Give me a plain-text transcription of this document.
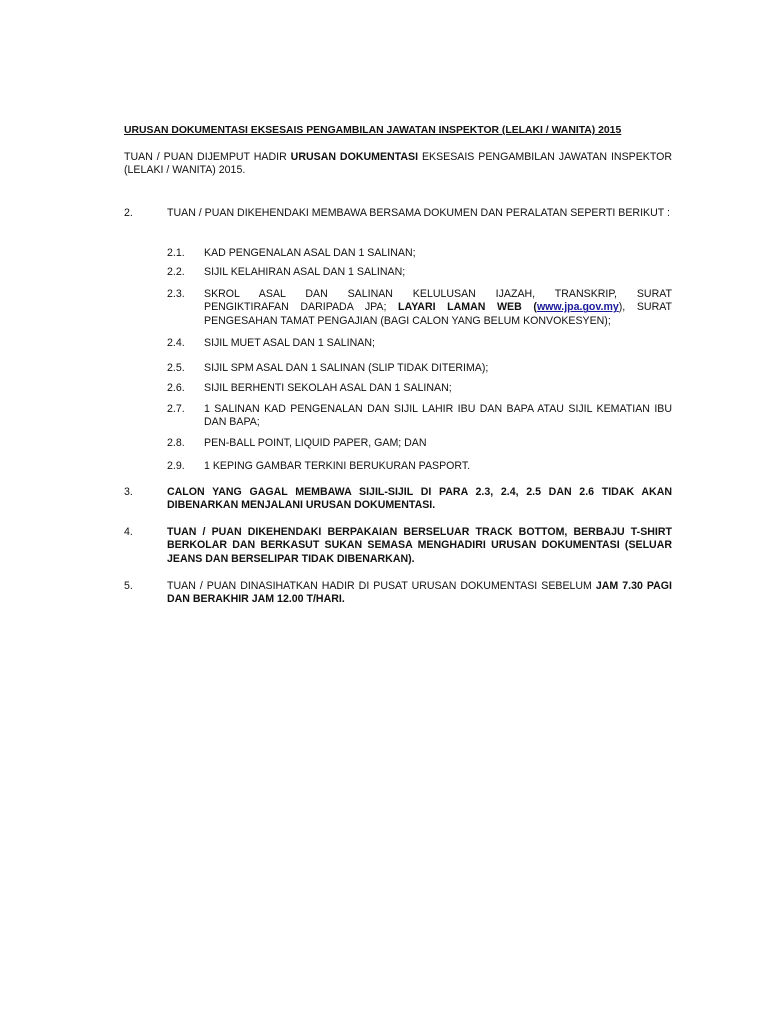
URUSAN DOKUMENTASI EKSESAIS PENGAMBILAN JAWATAN INSPEKTOR (LELAKI / WANITA) 2015
TUAN / PUAN DIJEMPUT HADIR URUSAN DOKUMENTASI EKSESAIS PENGAMBILAN JAWATAN INSPEKTOR (LELAKI / WANITA) 2015.
2.	TUAN / PUAN DIKEHENDAKI MEMBAWA BERSAMA DOKUMEN DAN PERALATAN SEPERTI BERIKUT :
2.1. KAD PENGENALAN ASAL DAN 1 SALINAN;
2.2. SIJIL KELAHIRAN ASAL DAN 1 SALINAN;
2.3. SKROL ASAL DAN SALINAN KELULUSAN IJAZAH, TRANSKRIP, SURAT
PENGIKTIRAFAN DARIPADA JPA; LAYARI LAMAN WEB (www.jpa.gov.my), SURAT
PENGESAHAN TAMAT PENGAJIAN (BAGI CALON YANG BELUM KONVOKESYEN);
2.4. SIJIL MUET ASAL DAN 1 SALINAN;
2.5. SIJIL SPM ASAL DAN 1 SALINAN (SLIP TIDAK DITERIMA);
2.6. SIJIL BERHENTI SEKOLAH ASAL DAN 1 SALINAN;
2.7. 1 SALINAN KAD PENGENALAN DAN SIJIL LAHIR IBU DAN BAPA ATAU SIJIL KEMATIAN IBU DAN BAPA;
2.8. PEN-BALL POINT, LIQUID PAPER, GAM; DAN
2.9. 1 KEPING GAMBAR TERKINI BERUKURAN PASPORT.
3.	CALON YANG GAGAL MEMBAWA SIJIL-SIJIL DI PARA 2.3, 2.4, 2.5 DAN 2.6 TIDAK AKAN DIBENARKAN MENJALANI URUSAN DOKUMENTASI.
4.	TUAN / PUAN DIKEHENDAKI BERPAKAIAN BERSELUAR TRACK BOTTOM, BERBAJU T-SHIRT BERKOLAR DAN BERKASUT SUKAN SEMASA MENGHADIRI URUSAN DOKUMENTASI (SELUAR JEANS DAN BERSELIPAR TIDAK DIBENARKAN).
5.	TUAN / PUAN DINASIHATKAN HADIR DI PUSAT URUSAN DOKUMENTASI SEBELUM JAM 7.30 PAGI DAN BERAKHIR JAM 12.00 T/HARI.
